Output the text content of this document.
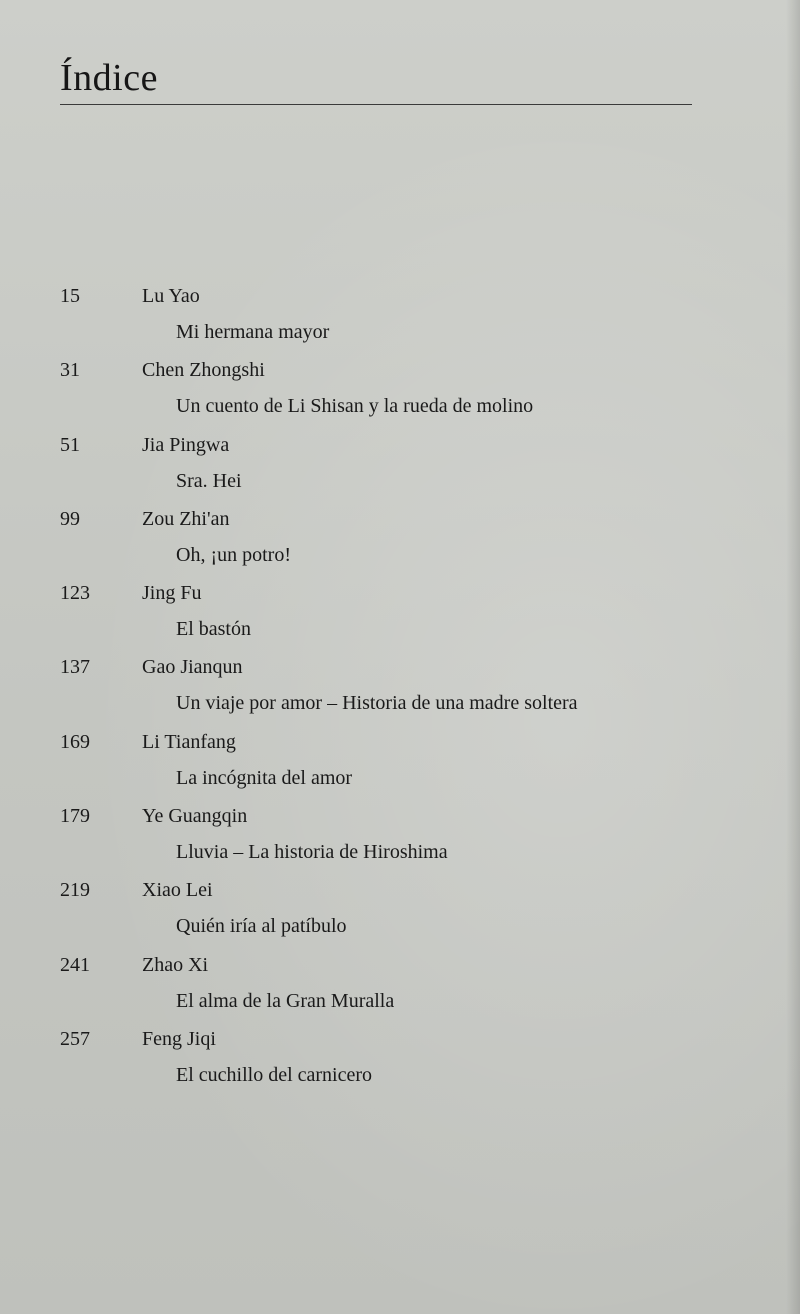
Índice
15	Lu Yao
Mi hermana mayor
31	Chen Zhongshi
Un cuento de Li Shisan y la rueda de molino
51	Jia Pingwa
Sra. Hei
99	Zou Zhi'an
Oh, ¡un potro!
123	Jing Fu
El bastón
137	Gao Jianqun
Un viaje por amor – Historia de una madre soltera
169	Li Tianfang
La incógnita del amor
179	Ye Guangqin
Lluvia – La historia de Hiroshima
219	Xiao Lei
Quién iría al patíbulo
241	Zhao Xi
El alma de la Gran Muralla
257	Feng Jiqi
El cuchillo del carnicero
